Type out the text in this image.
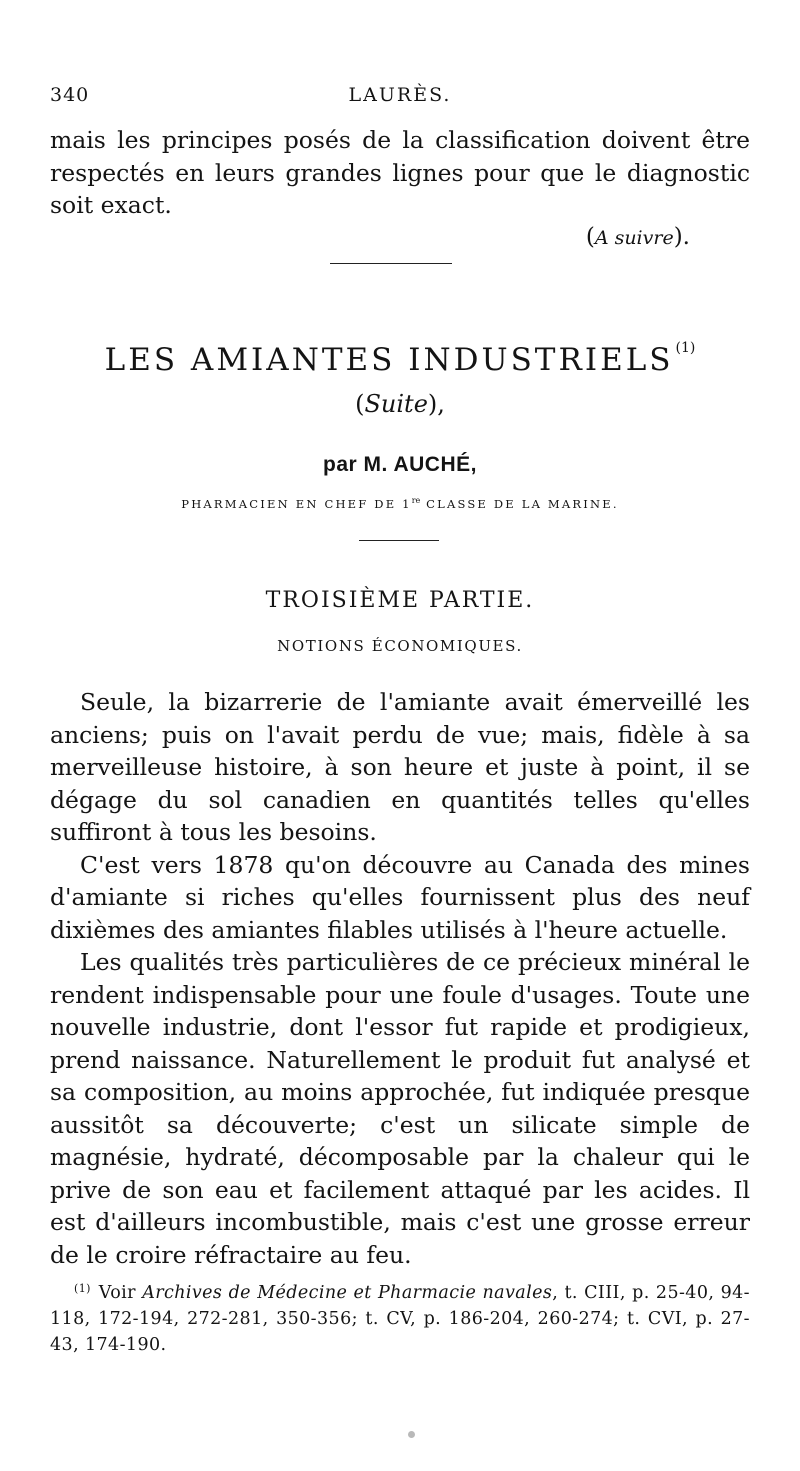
340	LAURÈS.

mais les principes posés de la classification doivent être respectés en leurs grandes lignes pour que le diagnostic soit exact.

(A suivre).
LES AMIANTES INDUSTRIELS $^{(1)}$
(Suite),
par M. AUCHÉ,
PHARMACIEN EN CHEF DE 1re CLASSE DE LA MARINE.
TROISIÈME PARTIE.
NOTIONS ÉCONOMIQUES.

Seule, la bizarrerie de l'amiante avait émerveillé les anciens; puis on l'avait perdu de vue; mais, fidèle à sa merveilleuse histoire, à son heure et juste à point, il se dégage du sol canadien en quantités telles qu'elles suffiront à tous les besoins.

C'est vers 1878 qu'on découvre au Canada des mines d'amiante si riches qu'elles fournissent plus des neuf dixièmes des amiantes filables utilisés à l'heure actuelle.

Les qualités très particulières de ce précieux minéral le rendent indispensable pour une foule d'usages. Toute une nouvelle industrie, dont l'essor fut rapide et prodigieux, prend naissance. Naturellement le produit fut analysé et sa composition, au moins approchée, fut indiquée presque aussitôt sa découverte; c'est un silicate simple de magnésie, hydraté, décomposable par la chaleur qui le prive de son eau et facilement attaqué par les acides. Il est d'ailleurs incombustible, mais c'est une grosse erreur de le croire réfractaire au feu.

$^{(1)}$ Voir Archives de Médecine et Pharmacie navales, t. CIII, p. 25-40, 94-118, 172-194, 272-281, 350-356; t. CV, p. 186-204, 260-274; t. CVI, p. 27-43, 174-190.
